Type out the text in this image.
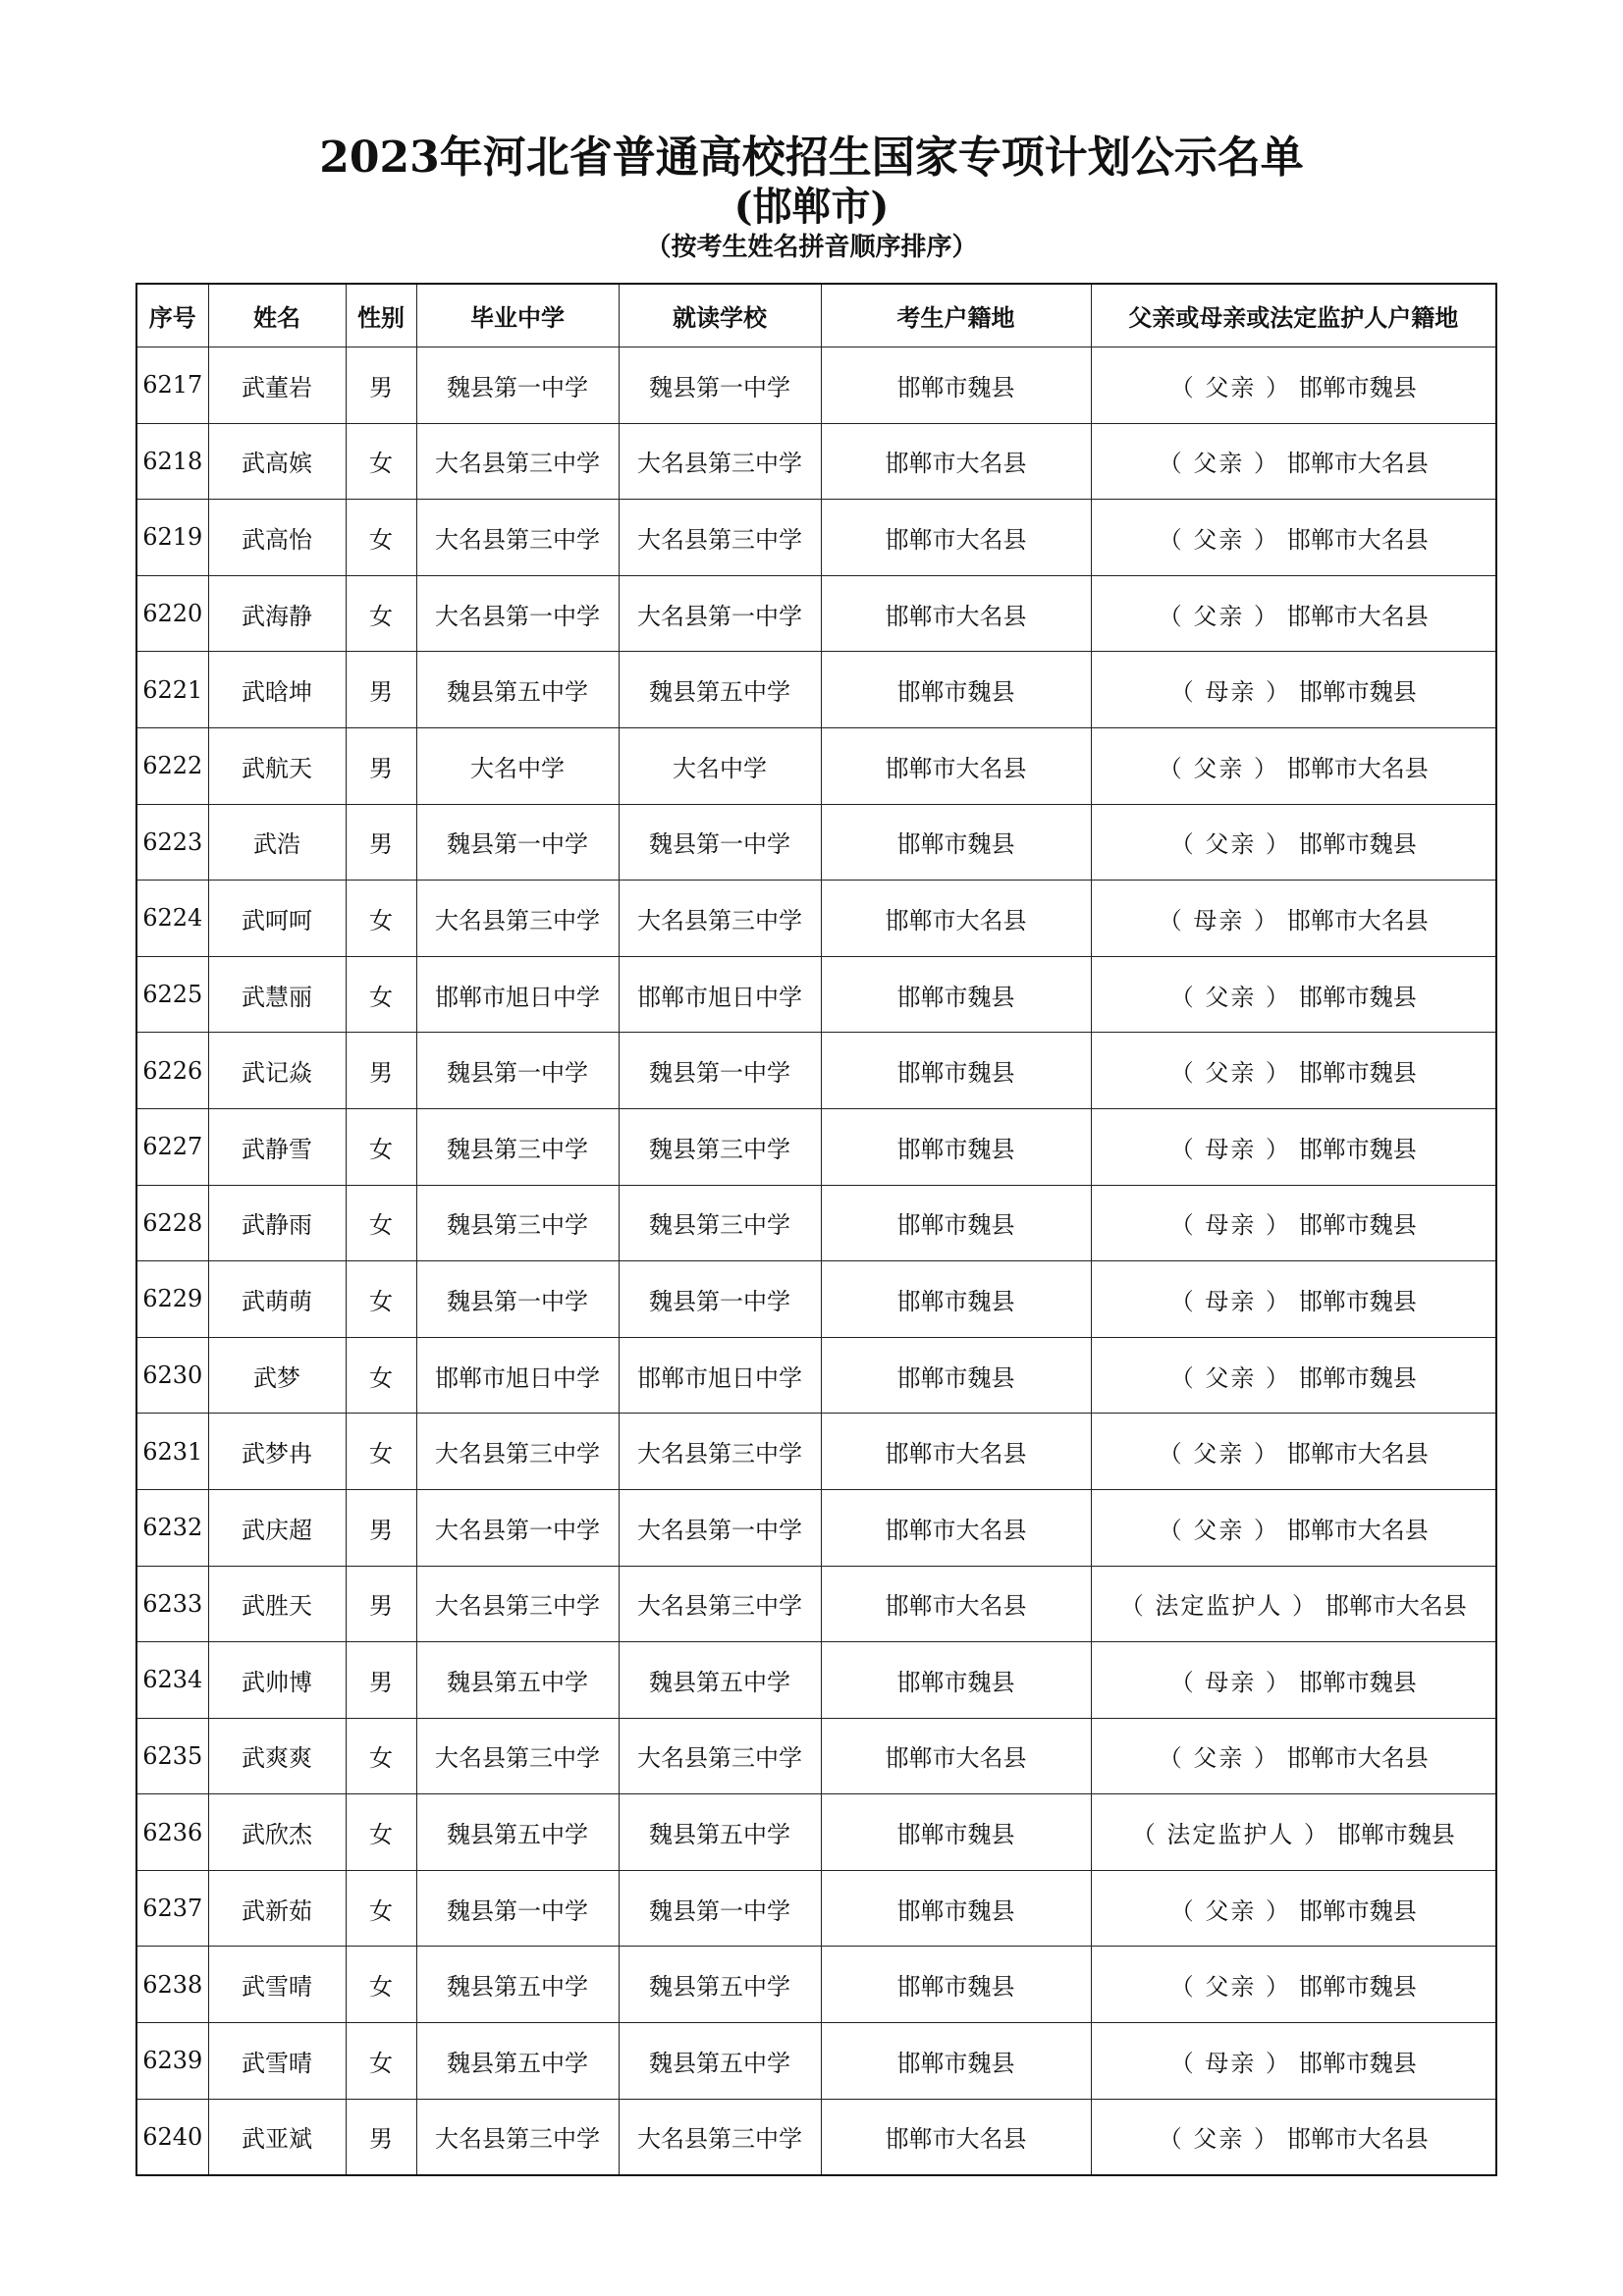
2023年河北省普通高校招生国家专项计划公示名单
(邯郸市)
（按考生姓名拼音顺序排序）
序号	姓名	性别	毕业中学	就读学校	考生户籍地	父亲或母亲或法定监护人户籍地
6217	武董岩	男	魏县第一中学	魏县第一中学	邯郸市魏县	（ 父亲 ） 邯郸市魏县
6218	武高嫔	女	大名县第三中学	大名县第三中学	邯郸市大名县	（ 父亲 ） 邯郸市大名县
6219	武高怡	女	大名县第三中学	大名县第三中学	邯郸市大名县	（ 父亲 ） 邯郸市大名县
6220	武海静	女	大名县第一中学	大名县第一中学	邯郸市大名县	（ 父亲 ） 邯郸市大名县
6221	武晗坤	男	魏县第五中学	魏县第五中学	邯郸市魏县	（ 母亲 ） 邯郸市魏县
6222	武航天	男	大名中学	大名中学	邯郸市大名县	（ 父亲 ） 邯郸市大名县
6223	武浩	男	魏县第一中学	魏县第一中学	邯郸市魏县	（ 父亲 ） 邯郸市魏县
6224	武呵呵	女	大名县第三中学	大名县第三中学	邯郸市大名县	（ 母亲 ） 邯郸市大名县
6225	武慧丽	女	邯郸市旭日中学	邯郸市旭日中学	邯郸市魏县	（ 父亲 ） 邯郸市魏县
6226	武记焱	男	魏县第一中学	魏县第一中学	邯郸市魏县	（ 父亲 ） 邯郸市魏县
6227	武静雪	女	魏县第三中学	魏县第三中学	邯郸市魏县	（ 母亲 ） 邯郸市魏县
6228	武静雨	女	魏县第三中学	魏县第三中学	邯郸市魏县	（ 母亲 ） 邯郸市魏县
6229	武萌萌	女	魏县第一中学	魏县第一中学	邯郸市魏县	（ 母亲 ） 邯郸市魏县
6230	武梦	女	邯郸市旭日中学	邯郸市旭日中学	邯郸市魏县	（ 父亲 ） 邯郸市魏县
6231	武梦冉	女	大名县第三中学	大名县第三中学	邯郸市大名县	（ 父亲 ） 邯郸市大名县
6232	武庆超	男	大名县第一中学	大名县第一中学	邯郸市大名县	（ 父亲 ） 邯郸市大名县
6233	武胜天	男	大名县第三中学	大名县第三中学	邯郸市大名县	（ 法定监护人 ） 邯郸市大名县
6234	武帅博	男	魏县第五中学	魏县第五中学	邯郸市魏县	（ 母亲 ） 邯郸市魏县
6235	武爽爽	女	大名县第三中学	大名县第三中学	邯郸市大名县	（ 父亲 ） 邯郸市大名县
6236	武欣杰	女	魏县第五中学	魏县第五中学	邯郸市魏县	（ 法定监护人 ） 邯郸市魏县
6237	武新茹	女	魏县第一中学	魏县第一中学	邯郸市魏县	（ 父亲 ） 邯郸市魏县
6238	武雪晴	女	魏县第五中学	魏县第五中学	邯郸市魏县	（ 父亲 ） 邯郸市魏县
6239	武雪晴	女	魏县第五中学	魏县第五中学	邯郸市魏县	（ 母亲 ） 邯郸市魏县
6240	武亚斌	男	大名县第三中学	大名县第三中学	邯郸市大名县	（ 父亲 ） 邯郸市大名县
